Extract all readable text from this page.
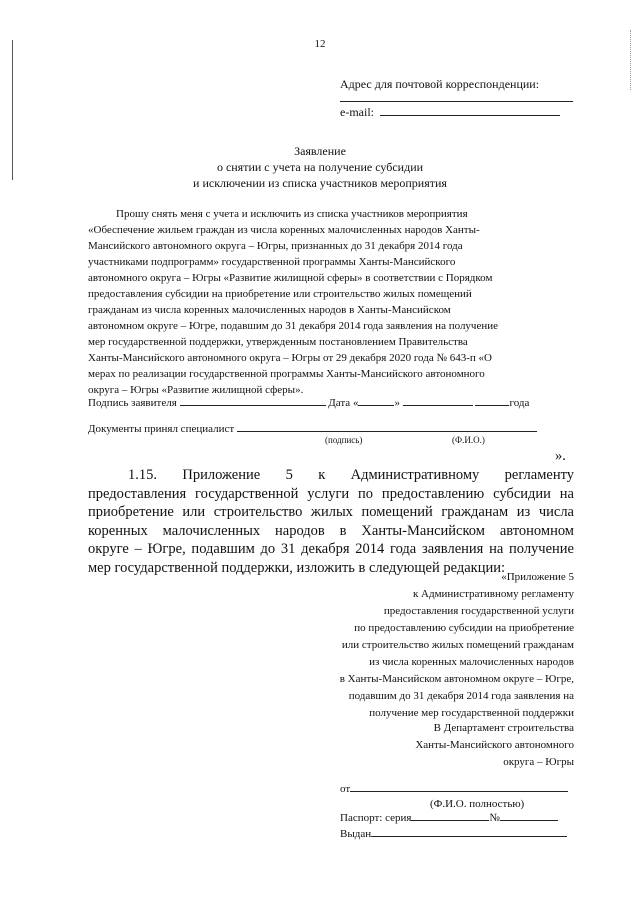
12
Адрес для почтовой корреспонденции:
e-mail:
Заявление
о снятии с учета на получение субсидии
и исключении из списка участников мероприятия

Прошу снять меня с учета и исключить из списка участников мероприятия

«Обеспечение жильем граждан из числа коренных малочисленных народов Ханты-

Мансийского автономного округа – Югры, признанных до 31 декабря 2014 года

участниками подпрограмм» государственной программы Ханты-Мансийского

автономного округа – Югры «Развитие жилищной сферы» в соответствии с Порядком

предоставления субсидии на приобретение или строительство жилых помещений

гражданам из числа коренных малочисленных народов в Ханты-Мансийском

автономном округе – Югре, подавшим до 31 декабря 2014 года заявления на получение

мер государственной поддержки, утвержденным постановлением Правительства

Ханты-Мансийского автономного округа – Югры от 29 декабря 2020 года № 643-п «О

мерах по реализации государственной программы Ханты-Мансийского автономного

округа – Югры «Развитие жилищной сферы».

Подпись заявителя	Дата «	»	года
Документы принял специалист
(подпись)	(Ф.И.О.)
».
1.15. Приложение 5 к Административному регламенту
предоставления государственной услуги по предоставлению субсидии на
приобретение или строительство жилых помещений гражданам из числа
коренных малочисленных народов в Ханты-Мансийском автономном
округе – Югре, подавшим до 31 декабря 2014 года заявления на получение
мер государственной поддержки, изложить в следующей редакции:
«Приложение 5
к Административному регламенту
предоставления государственной услуги
по предоставлению субсидии на приобретение
или строительство жилых помещений гражданам
из числа коренных малочисленных народов
в Ханты-Мансийском автономном округе – Югре,
подавшим до 31 декабря 2014 года заявления на
получение мер государственной поддержки
В Департамент строительства
Ханты-Мансийского автономного
округа – Югры
от
(Ф.И.О. полностью)
Паспорт: серия	№
Выдан
